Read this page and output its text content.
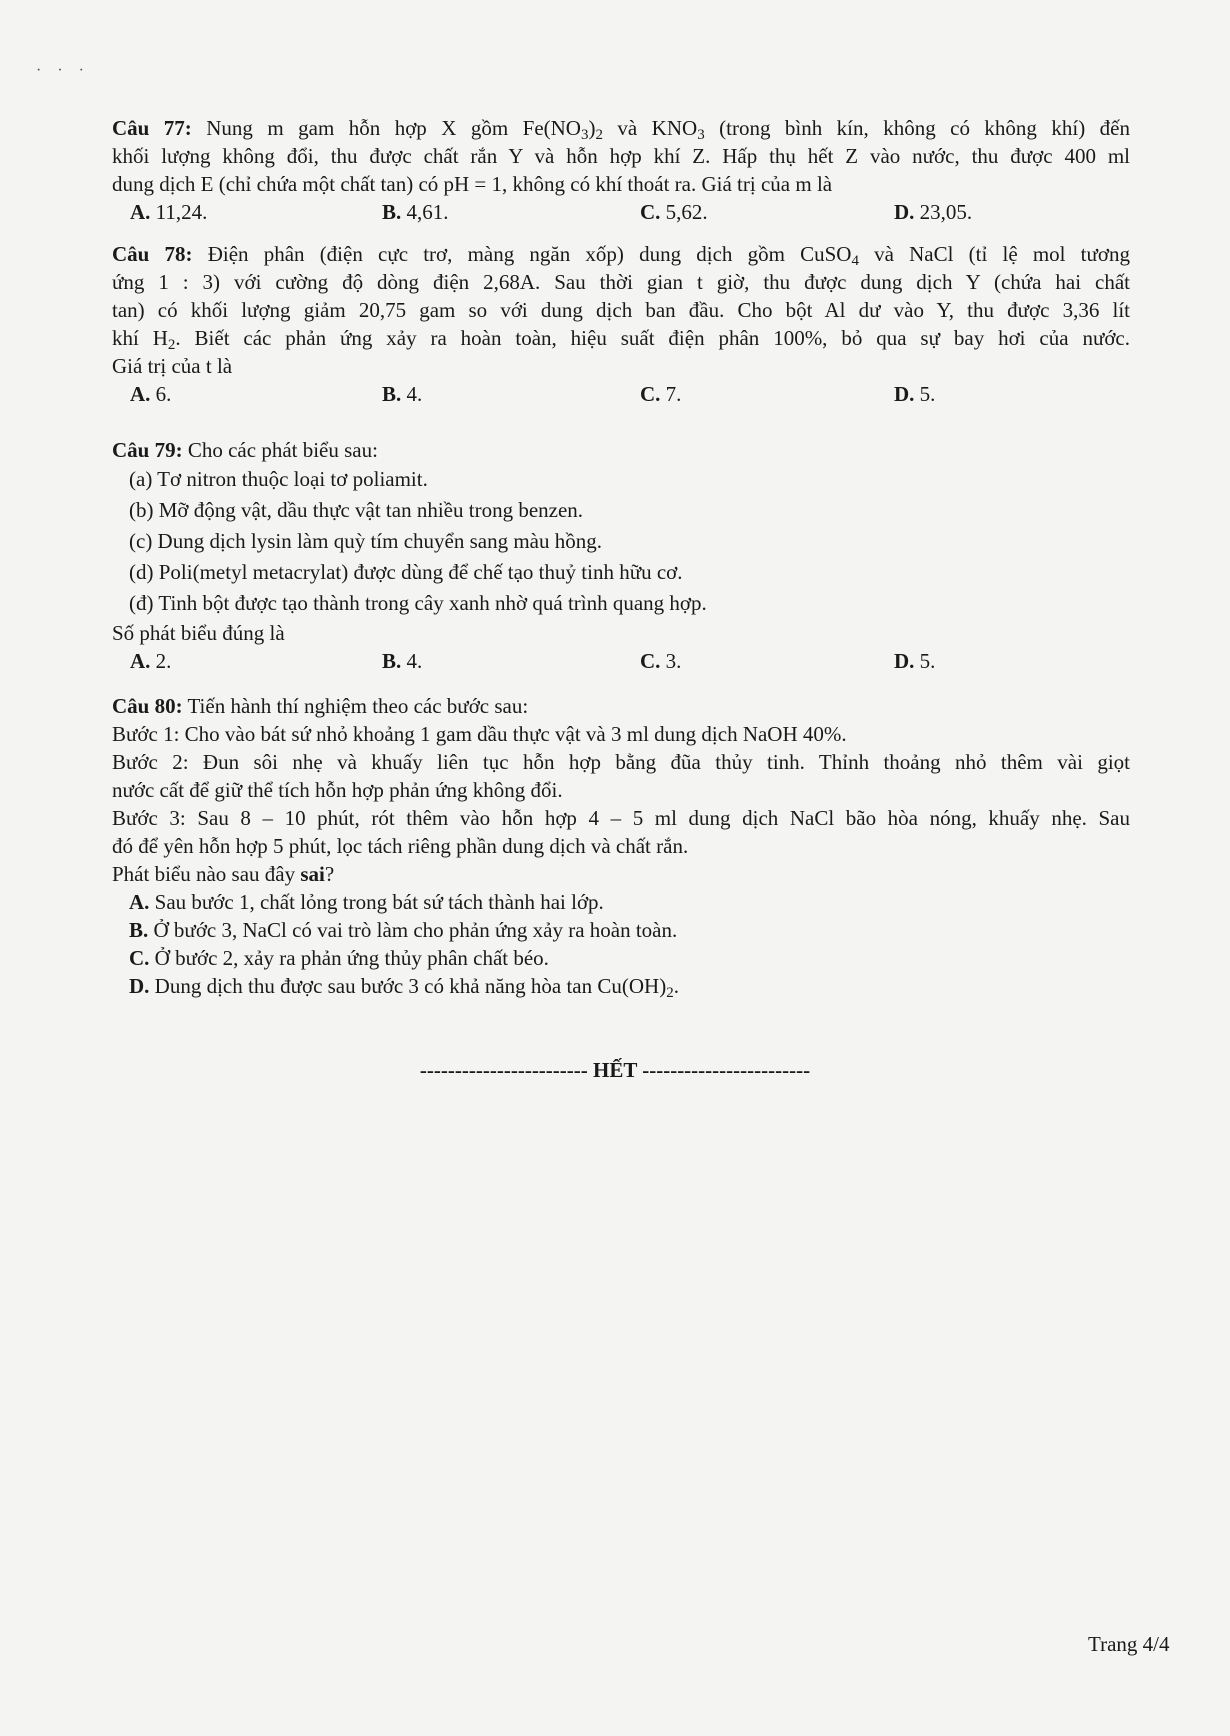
· · ·

Câu 77: Nung m gam hỗn hợp X gồm $Fe(NO_3)_2$ và $KNO_3$ (trong bình kín, không có không khí) đến

khối lượng không đổi, thu được chất rắn Y và hỗn hợp khí Z. Hấp thụ hết Z vào nước, thu được 400 ml

dung dịch E (chỉ chứa một chất tan) có pH = 1, không có khí thoát ra. Giá trị của m là

A. 11,24.	B. 4,61.	C. 5,62.	D. 23,05.

Câu 78: Điện phân (điện cực trơ, màng ngăn xốp) dung dịch gồm CuSO$_4$ và NaCl (tỉ lệ mol tương

ứng 1 : 3) với cường độ dòng điện 2,68A. Sau thời gian t giờ, thu được dung dịch Y (chứa hai chất

tan) có khối lượng giảm 20,75 gam so với dung dịch ban đầu. Cho bột Al dư vào Y, thu được 3,36 lít

khí $H_2$. Biết các phản ứng xảy ra hoàn toàn, hiệu suất điện phân 100%, bỏ qua sự bay hơi của nước.

Giá trị của t là

A. 6.	B. 4.	C. 7.	D. 5.

Câu 79: Cho các phát biểu sau:

(a) Tơ nitron thuộc loại tơ poliamit.

(b) Mỡ động vật, dầu thực vật tan nhiều trong benzen.

(c) Dung dịch lysin làm quỳ tím chuyển sang màu hồng.

(d) Poli(metyl metacrylat) được dùng để chế tạo thuỷ tinh hữu cơ.

(đ) Tinh bột được tạo thành trong cây xanh nhờ quá trình quang hợp.

Số phát biểu đúng là

A. 2.	B. 4.	C. 3.	D. 5.

Câu 80: Tiến hành thí nghiệm theo các bước sau:

Bước 1: Cho vào bát sứ nhỏ khoảng 1 gam dầu thực vật và 3 ml dung dịch NaOH 40%.

Bước 2: Đun sôi nhẹ và khuấy liên tục hỗn hợp bằng đũa thủy tinh. Thỉnh thoảng nhỏ thêm vài giọt

nước cất để giữ thể tích hỗn hợp phản ứng không đổi.

Bước 3: Sau 8 – 10 phút, rót thêm vào hỗn hợp 4 – 5 ml dung dịch NaCl bão hòa nóng, khuấy nhẹ. Sau

đó để yên hỗn hợp 5 phút, lọc tách riêng phần dung dịch và chất rắn.

Phát biểu nào sau đây sai?

A. Sau bước 1, chất lỏng trong bát sứ tách thành hai lớp.

B. Ở bước 3, NaCl có vai trò làm cho phản ứng xảy ra hoàn toàn.

C. Ở bước 2, xảy ra phản ứng thủy phân chất béo.

D. Dung dịch thu được sau bước 3 có khả năng hòa $\tan Cu(OH)_2$.

------------------------ HẾT ------------------------
Trang 4/4
